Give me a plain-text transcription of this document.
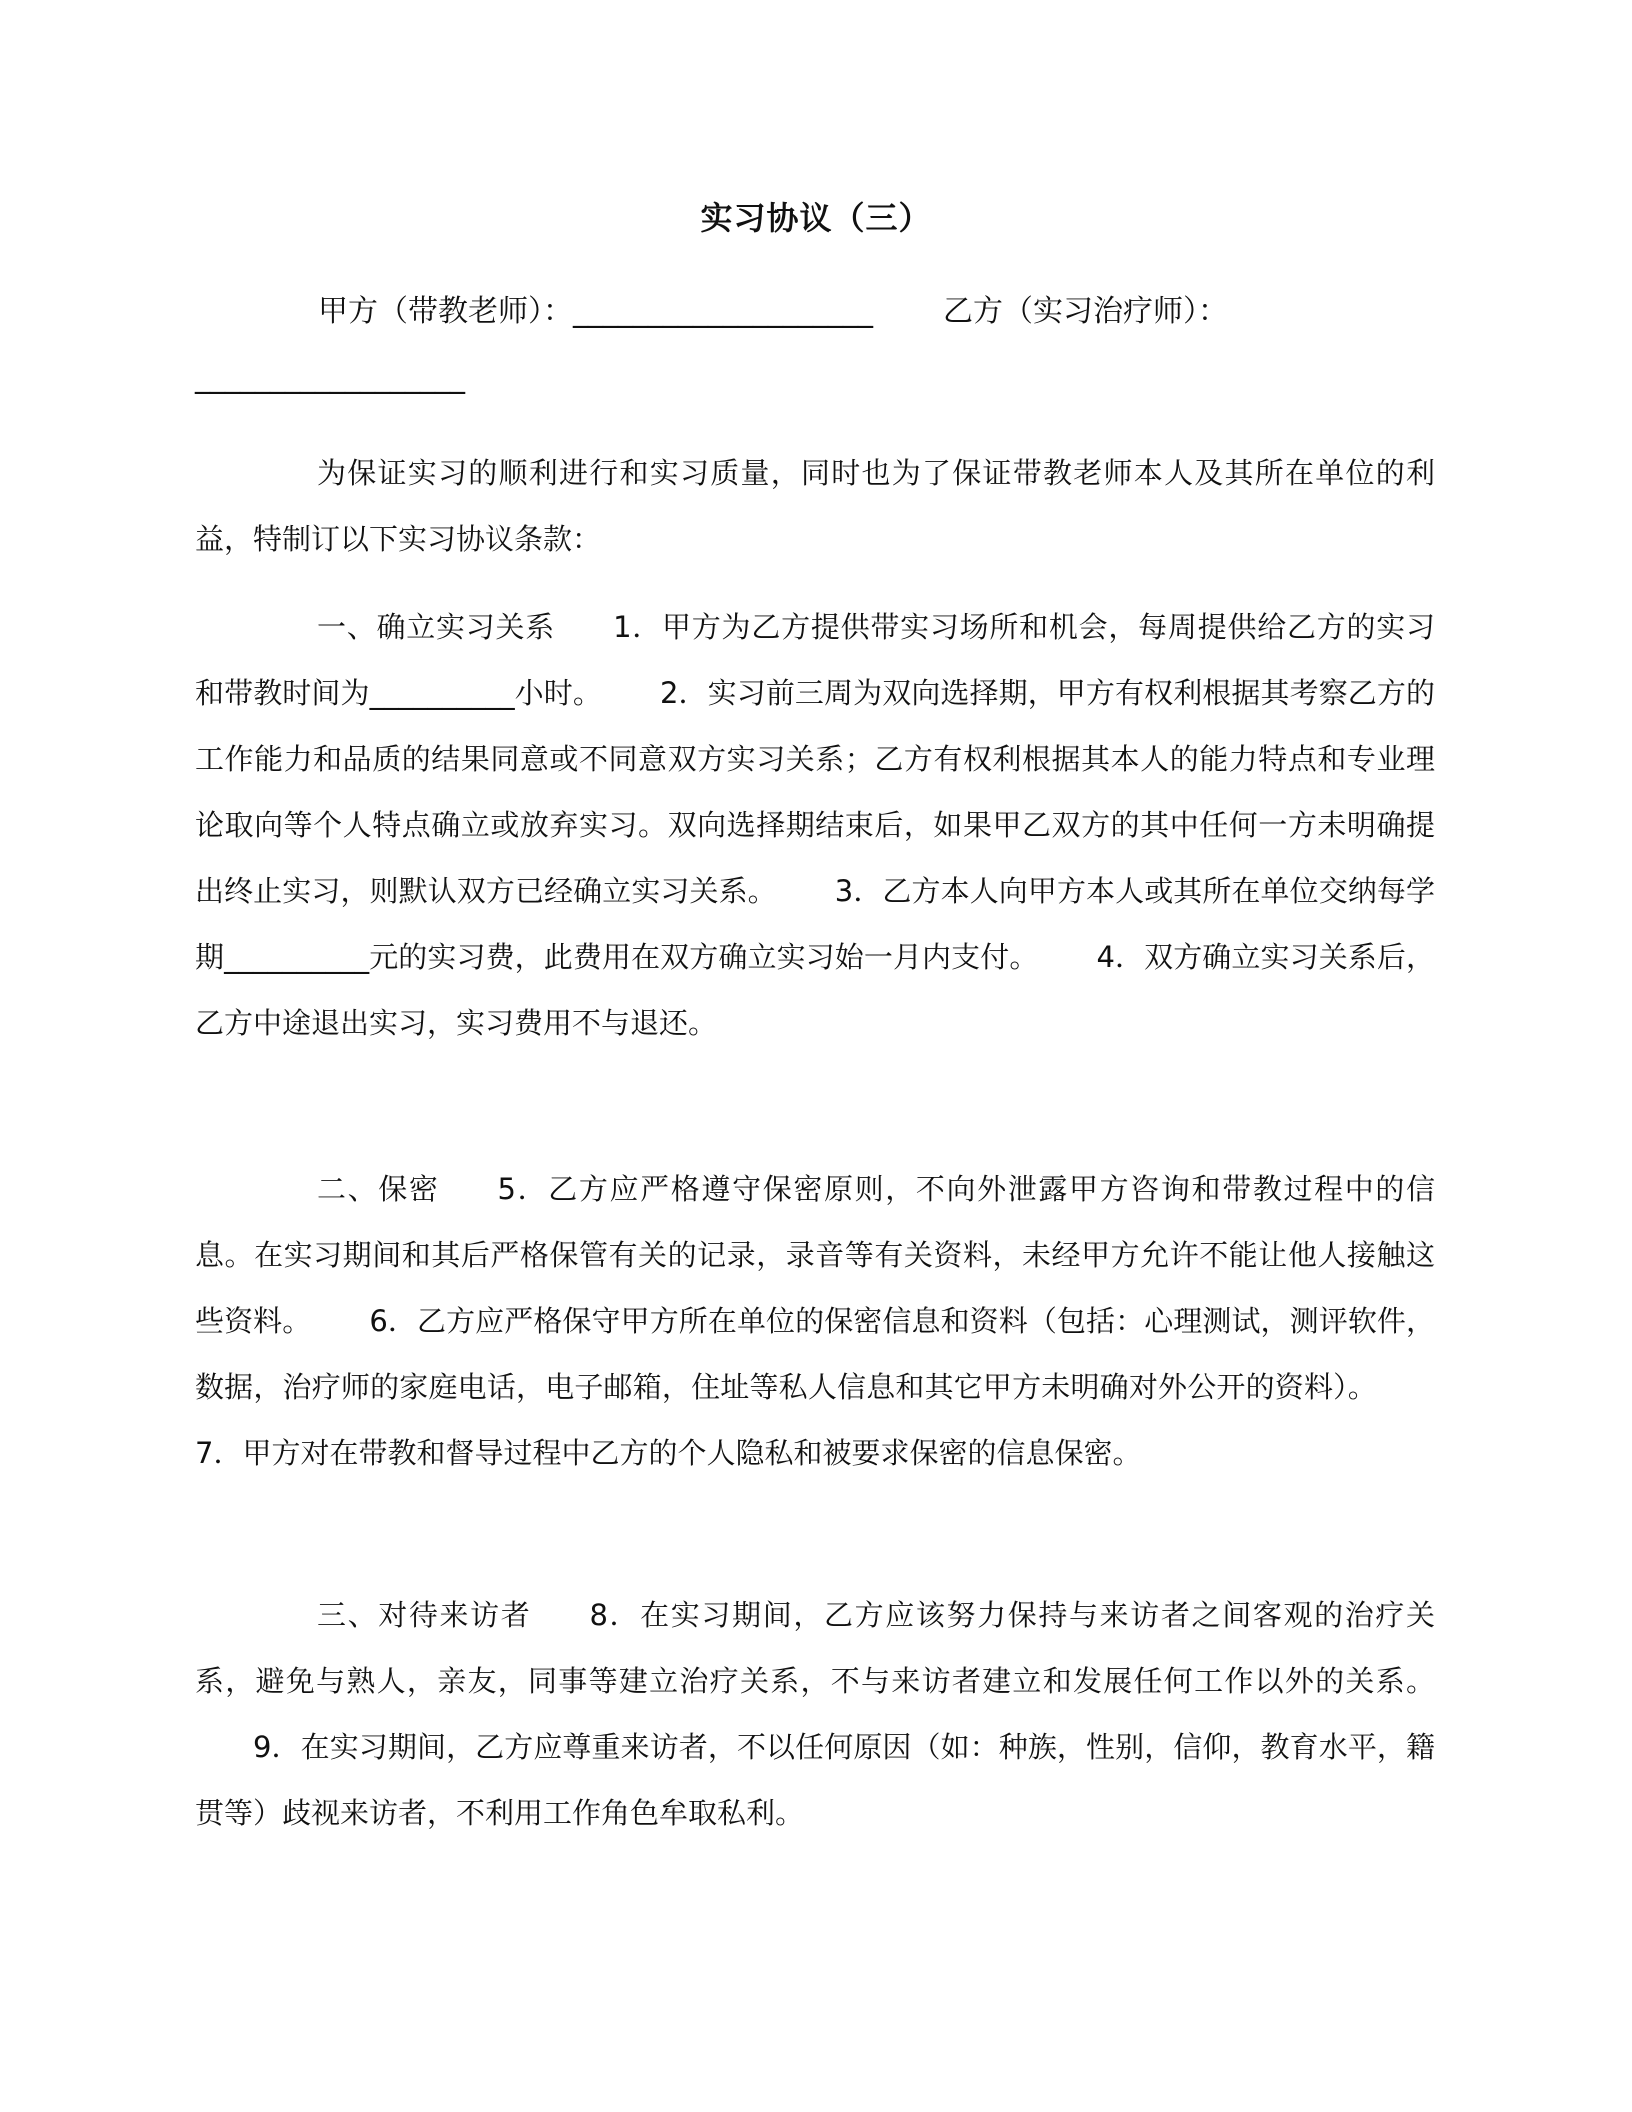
实习协议（三）
甲方（带教老师）：____________________ 乙方（实习治疗师）：
__________________

为保证实习的顺利进行和实习质量，同时也为了保证带教老师本人及其所在单位的利益，特制订以下实习协议条款：

一、确立实习关系 1．甲方为乙方提供带实习场所和机会，每周提供给乙方的实习和带教时间为__________小时。 2．实习前三周为双向选择期，甲方有权利根据其考察乙方的工作能力和品质的结果同意或不同意双方实习关系；乙方有权利根据其本人的能力特点和专业理论取向等个人特点确立或放弃实习。双向选择期结束后，如果甲乙双方的其中任何一方未明确提出终止实习，则默认双方已经确立实习关系。 3．乙方本人向甲方本人或其所在单位交纳每学期__________元的实习费，此费用在双方确立实习始一月内支付。 4．双方确立实习关系后，乙方中途退出实习，实习费用不与退还。

二、保密 5．乙方应严格遵守保密原则，不向外泄露甲方咨询和带教过程中的信息。在实习期间和其后严格保管有关的记录，录音等有关资料，未经甲方允许不能让他人接触这些资料。 6．乙方应严格保守甲方所在单位的保密信息和资料（包括：心理测试，测评软件，数据，治疗师的家庭电话，电子邮箱，住址等私人信息和其它甲方未明确对外公开的资料）。7．甲方对在带教和督导过程中乙方的个人隐私和被要求保密的信息保密。

三、对待来访者 8．在实习期间，乙方应该努力保持与来访者之间客观的治疗关系，避免与熟人，亲友，同事等建立治疗关系，不与来访者建立和发展任何工作以外的关系。9．在实习期间，乙方应尊重来访者，不以任何原因（如：种族，性别，信仰，教育水平，籍贯等）歧视来访者，不利用工作角色牟取私利。
